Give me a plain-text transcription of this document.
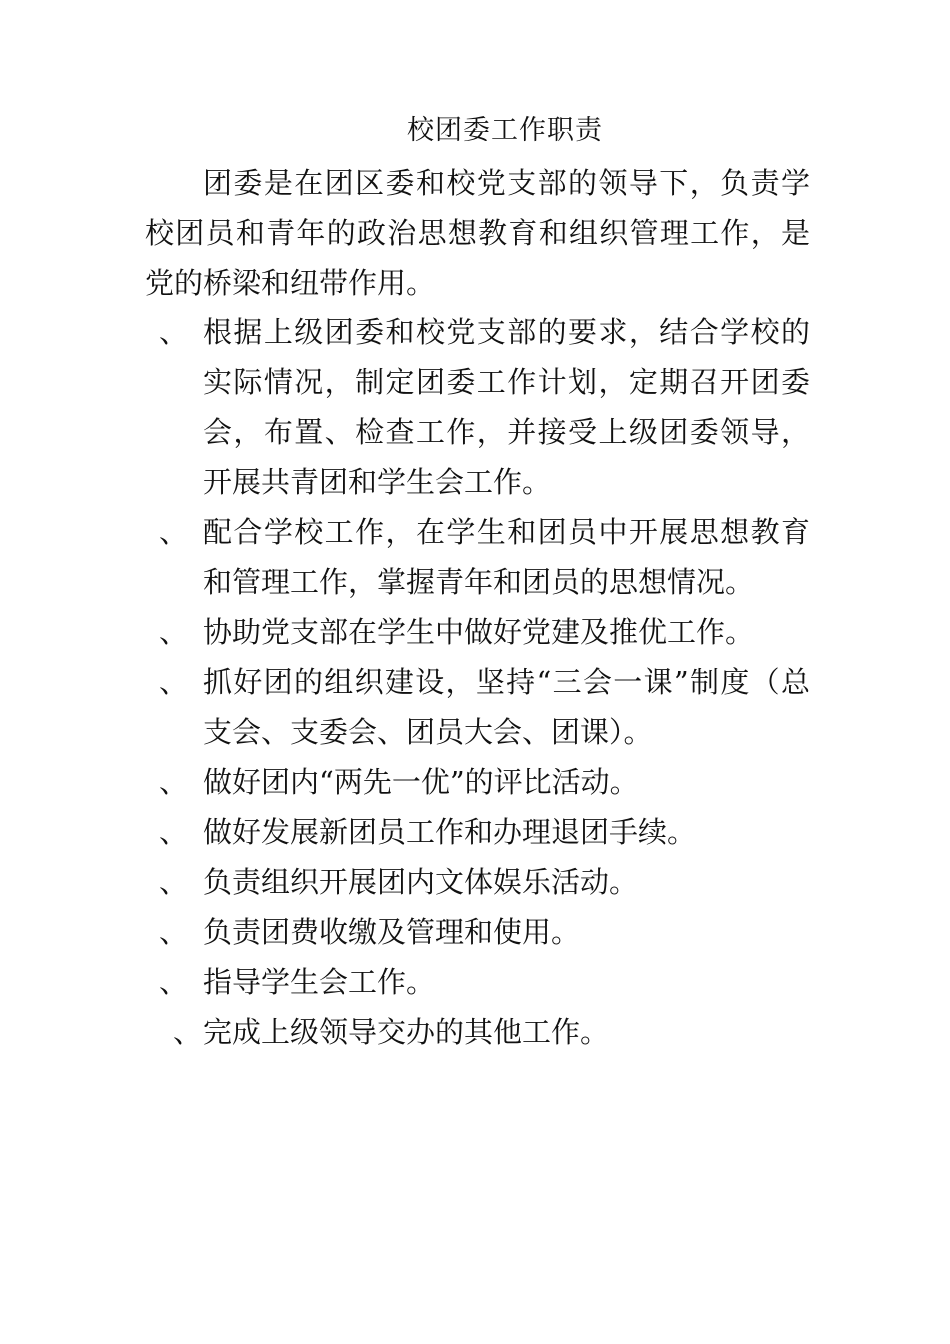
校团委工作职责

团委是在团区委和校党支部的领导下，负责学校团员和青年的政治思想教育和组织管理工作，是党的桥梁和纽带作用。

、 根据上级团委和校党支部的要求，结合学校的实际情况，制定团委工作计划，定期召开团委会，布置、检查工作，并接受上级团委领导，开展共青团和学生会工作。
、 配合学校工作，在学生和团员中开展思想教育和管理工作，掌握青年和团员的思想情况。
、 协助党支部在学生中做好党建及推优工作。
、 抓好团的组织建设，坚持“三会一课”制度（总支会、支委会、团员大会、团课）。
、 做好团内“两先一优”的评比活动。
、 做好发展新团员工作和办理退团手续。
、 负责组织开展团内文体娱乐活动。
、 负责团费收缴及管理和使用。
、 指导学生会工作。
、 完成上级领导交办的其他工作。
